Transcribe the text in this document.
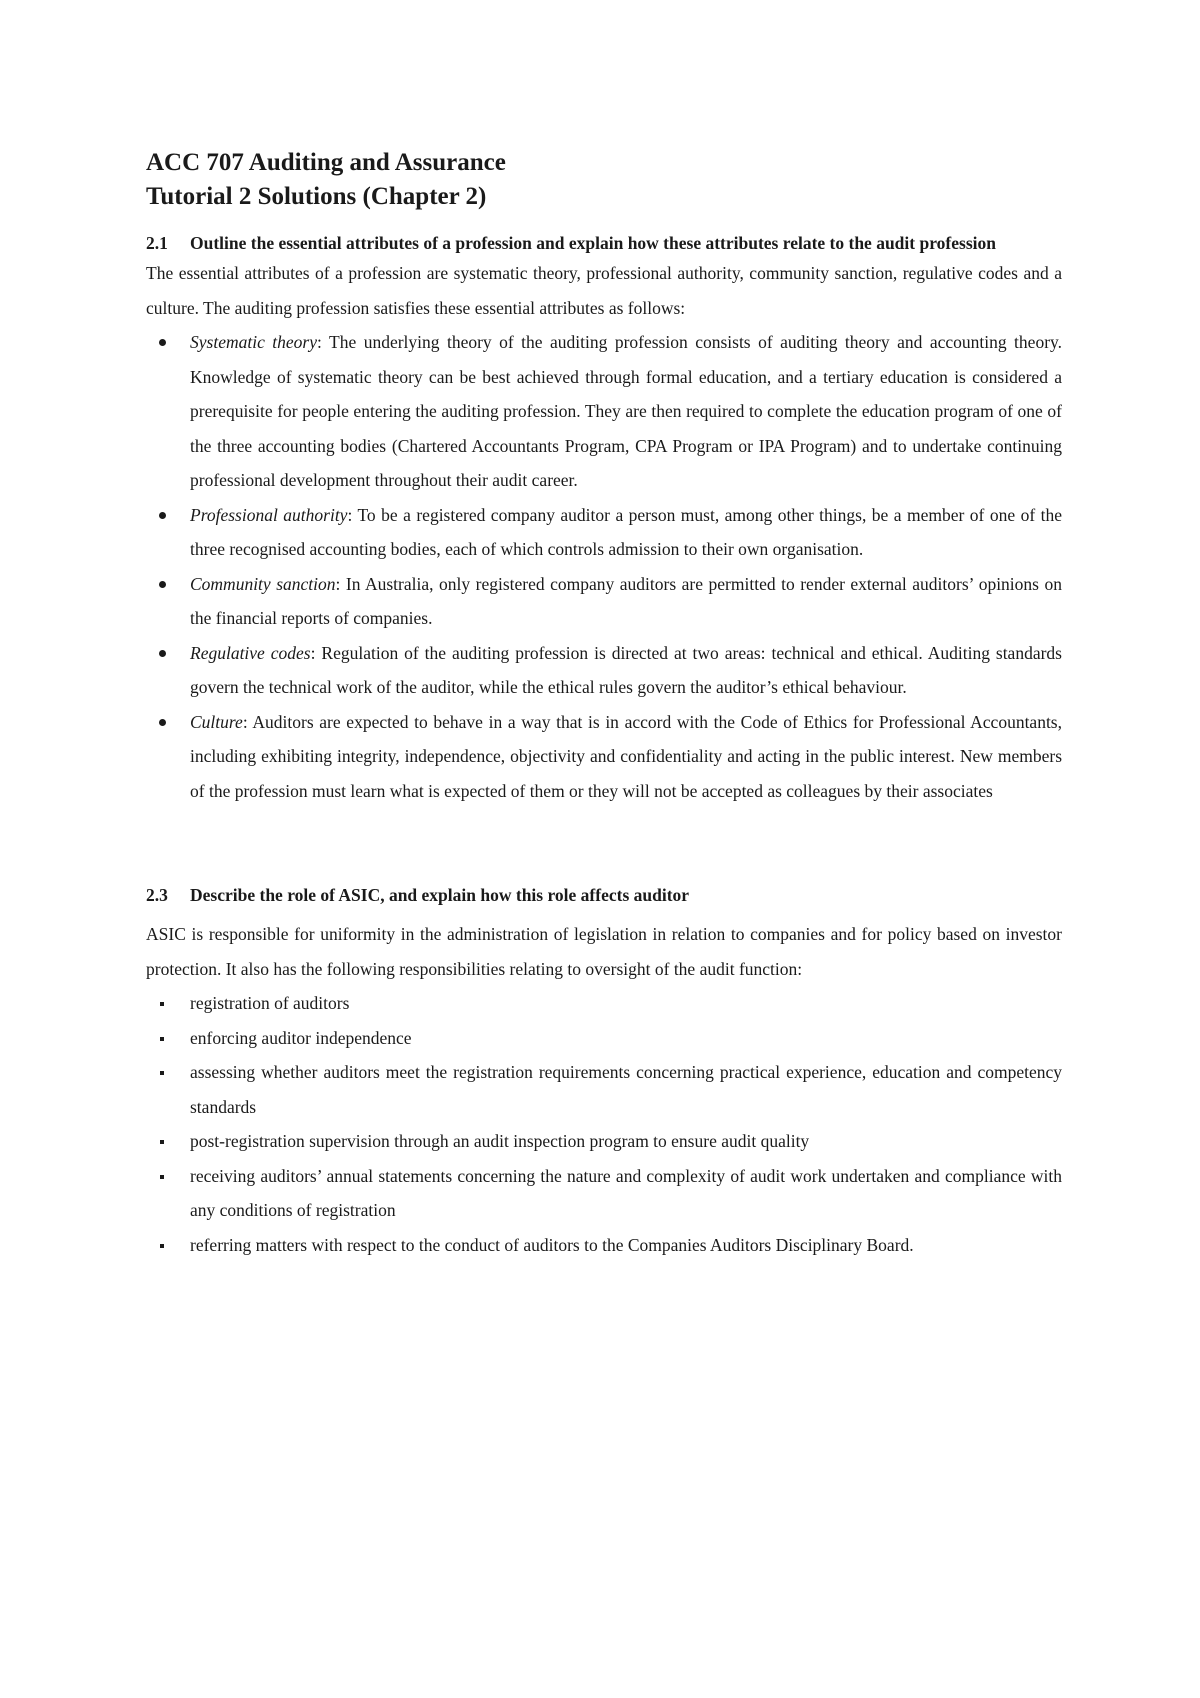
ACC 707 Auditing and Assurance
Tutorial 2 Solutions (Chapter 2)
2.1	Outline the essential attributes of a profession and explain how these attributes relate to the audit profession

The essential attributes of a profession are systematic theory, professional authority, community sanction, regulative codes and a culture. The auditing profession satisfies these essential attributes as follows:

Systematic theory: The underlying theory of the auditing profession consists of auditing theory and accounting theory. Knowledge of systematic theory can be best achieved through formal education, and a tertiary education is considered a prerequisite for people entering the auditing profession. They are then required to complete the education program of one of the three accounting bodies (Chartered Accountants Program, CPA Program or IPA Program) and to undertake continuing professional development throughout their audit career.
Professional authority: To be a registered company auditor a person must, among other things, be a member of one of the three recognised accounting bodies, each of which controls admission to their own organisation.
Community sanction: In Australia, only registered company auditors are permitted to render external auditors’ opinions on the financial reports of companies.
Regulative codes: Regulation of the auditing profession is directed at two areas: technical and ethical. Auditing standards govern the technical work of the auditor, while the ethical rules govern the auditor’s ethical behaviour.
Culture: Auditors are expected to behave in a way that is in accord with the Code of Ethics for Professional Accountants, including exhibiting integrity, independence, objectivity and confidentiality and acting in the public interest. New members of the profession must learn what is expected of them or they will not be accepted as colleagues by their associates
2.3	Describe the role of ASIC, and explain how this role affects auditor

ASIC is responsible for uniformity in the administration of legislation in relation to companies and for policy based on investor protection. It also has the following responsibilities relating to oversight of the audit function:

registration of auditors
enforcing auditor independence
assessing whether auditors meet the registration requirements concerning practical experience, education and competency standards
post-registration supervision through an audit inspection program to ensure audit quality
receiving auditors’ annual statements concerning the nature and complexity of audit work undertaken and compliance with any conditions of registration
referring matters with respect to the conduct of auditors to the Companies Auditors Disciplinary Board.
